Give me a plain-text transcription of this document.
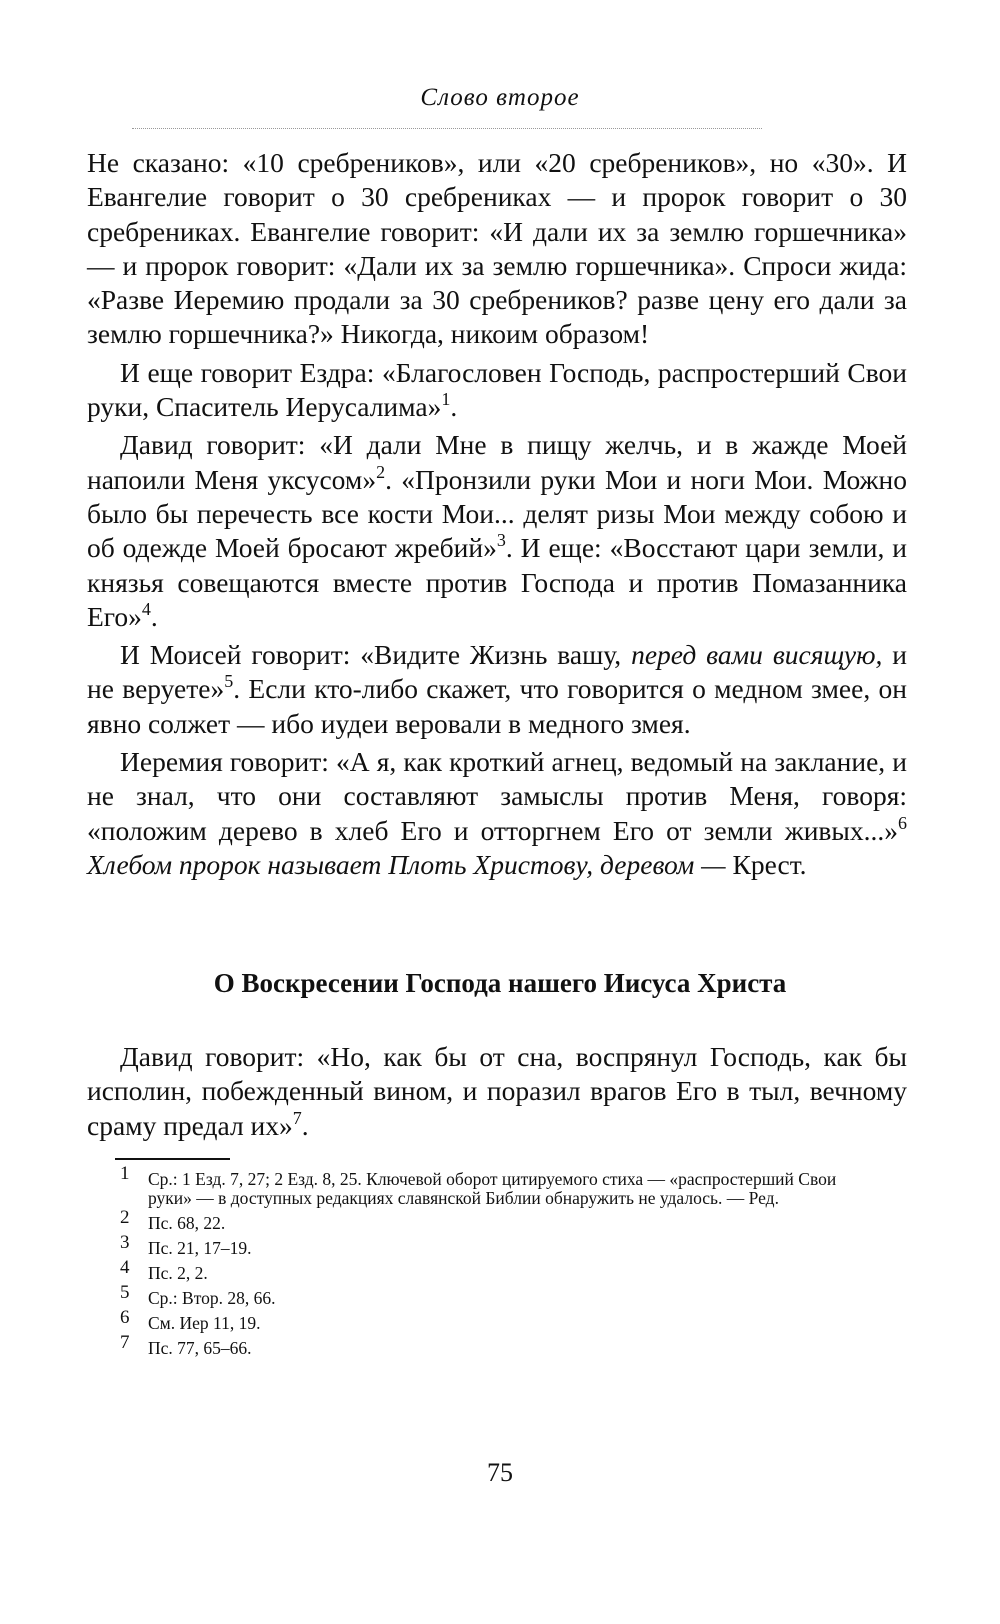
Слово второе

Не сказано: «10 сребреников», или «20 сребреников», но «30». И Евангелие говорит о 30 сребрениках — и пророк говорит о 30 сребрениках. Евангелие говорит: «И дали их за землю горшечника» — и пророк говорит: «Дали их за землю горшечника». Спроси жида: «Разве Иеремию продали за 30 сребреников? разве цену его дали за землю горшечника?» Никогда, никоим образом!

И еще говорит Ездра: «Благословен Господь, распростерший Свои руки, Спаситель Иерусалима»$^1$.

Давид говорит: «И дали Мне в пищу желчь, и в жажде Моей напоили Меня уксусом»$^2$. «Пронзили руки Мои и ноги Мои. Можно было бы перечесть все кости Мои... делят ризы Мои между собою и об одежде Моей бросают жребий»$^3$. И еще: «Восстают цари земли, и князья совещаются вместе против Господа и против Помазанника Его»$^4$.

И Моисей говорит: «Видите Жизнь вашу, перед вами висящую, и не веруете»$^5$. Если кто-либо скажет, что говорится о медном змее, он явно солжет — ибо иудеи веровали в медного змея.

Иеремия говорит: «А я, как кроткий агнец, ведомый на заклание, и не знал, что они составляют замыслы против Меня, говоря: «положим дерево в хлеб Его и отторгнем Его от земли живых...»$^6$ Хлебом пророк называет Плоть Христову, деревом — Крест.

О Воскресении Господа нашего Иисуса Христа

Давид говорит: «Но, как бы от сна, воспрянул Господь, как бы исполин, побежденный вином, и поразил врагов Его в тыл, вечному сраму предал их»$^7$.

1 Ср.: 1 Езд. 7, 27; 2 Езд. 8, 25. Ключевой оборот цитируемого стиха — «распростерший Свои руки» — в доступных редакциях славянской Библии обнаружить не удалось. — Ред.
2 Пс. 68, 22.
3 Пс. 21, 17–19.
4 Пс. 2, 2.
5 Ср.: Втор. 28, 66.
6 См. Иер 11, 19.
7 Пс. 77, 65–66.
75
